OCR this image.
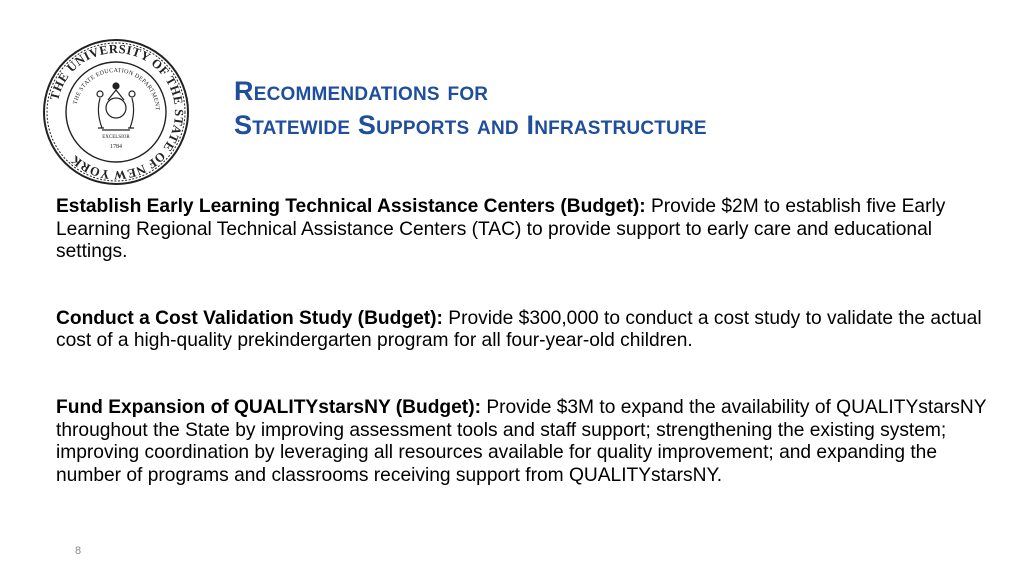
THE UNIVERSITY OF THE STATE OF NEW YORK
THE STATE EDUCATION DEPARTMENT
EXCELSIOR
1784
Recommendations for
Statewide Supports and Infrastructure

Establish Early Learning Technical Assistance Centers (Budget): Provide $2M to establish five Early Learning Regional Technical Assistance Centers (TAC) to provide support to early care and educational settings.

Conduct a Cost Validation Study (Budget): Provide $300,000 to conduct a cost study to validate the actual cost of a high-quality prekindergarten program for all four-year-old children.

Fund Expansion of QUALITYstarsNY (Budget): Provide $3M to expand the availability of QUALITYstarsNY throughout the State by improving assessment tools and staff support; strengthening the existing system; improving coordination by leveraging all resources available for quality improvement; and expanding the number of programs and classrooms receiving support from QUALITYstarsNY.

8
